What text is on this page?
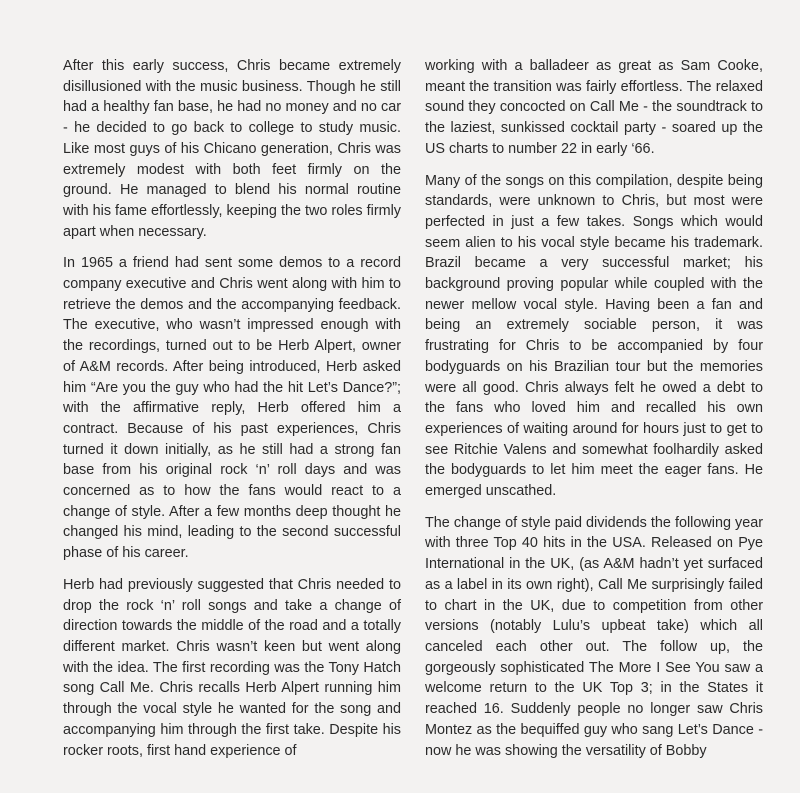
After this early success, Chris became extremely disillusioned with the music business. Though he still had a healthy fan base, he had no money and no car - he decided to go back to college to study music. Like most guys of his Chicano generation, Chris was extremely modest with both feet firmly on the ground. He managed to blend his normal routine with his fame effortlessly, keeping the two roles firmly apart when necessary.

In 1965 a friend had sent some demos to a record company executive and Chris went along with him to retrieve the demos and the accompanying feedback. The executive, who wasn’t impressed enough with the recordings, turned out to be Herb Alpert, owner of A&M records. After being introduced, Herb asked him “Are you the guy who had the hit Let’s Dance?”; with the affirmative reply, Herb offered him a contract. Because of his past experiences, Chris turned it down initially, as he still had a strong fan base from his original rock ‘n’ roll days and was concerned as to how the fans would react to a change of style. After a few months deep thought he changed his mind, leading to the second successful phase of his career.

Herb had previously suggested that Chris needed to drop the rock ‘n’ roll songs and take a change of direction towards the middle of the road and a totally different market. Chris wasn’t keen but went along with the idea. The first recording was the Tony Hatch song Call Me. Chris recalls Herb Alpert running him through the vocal style he wanted for the song and accompanying him through the first take. Despite his rocker roots, first hand experience of

working with a balladeer as great as Sam Cooke, meant the transition was fairly effortless. The relaxed sound they concocted on Call Me - the soundtrack to the laziest, sunkissed cocktail party - soared up the US charts to number 22 in early ‘66.

Many of the songs on this compilation, despite being standards, were unknown to Chris, but most were perfected in just a few takes. Songs which would seem alien to his vocal style became his trademark. Brazil became a very successful market; his background proving popular while coupled with the newer mellow vocal style. Having been a fan and being an extremely sociable person, it was frustrating for Chris to be accompanied by four bodyguards on his Brazilian tour but the memories were all good. Chris always felt he owed a debt to the fans who loved him and recalled his own experiences of waiting around for hours just to get to see Ritchie Valens and somewhat foolhardily asked the bodyguards to let him meet the eager fans. He emerged unscathed.

The change of style paid dividends the following year with three Top 40 hits in the USA. Released on Pye International in the UK, (as A&M hadn’t yet surfaced as a label in its own right), Call Me surprisingly failed to chart in the UK, due to competition from other versions (notably Lulu’s upbeat take) which all canceled each other out. The follow up, the gorgeously sophisticated The More I See You saw a welcome return to the UK Top 3; in the States it reached 16. Suddenly people no longer saw Chris Montez as the bequiffed guy who sang Let’s Dance - now he was showing the versatility of Bobby
